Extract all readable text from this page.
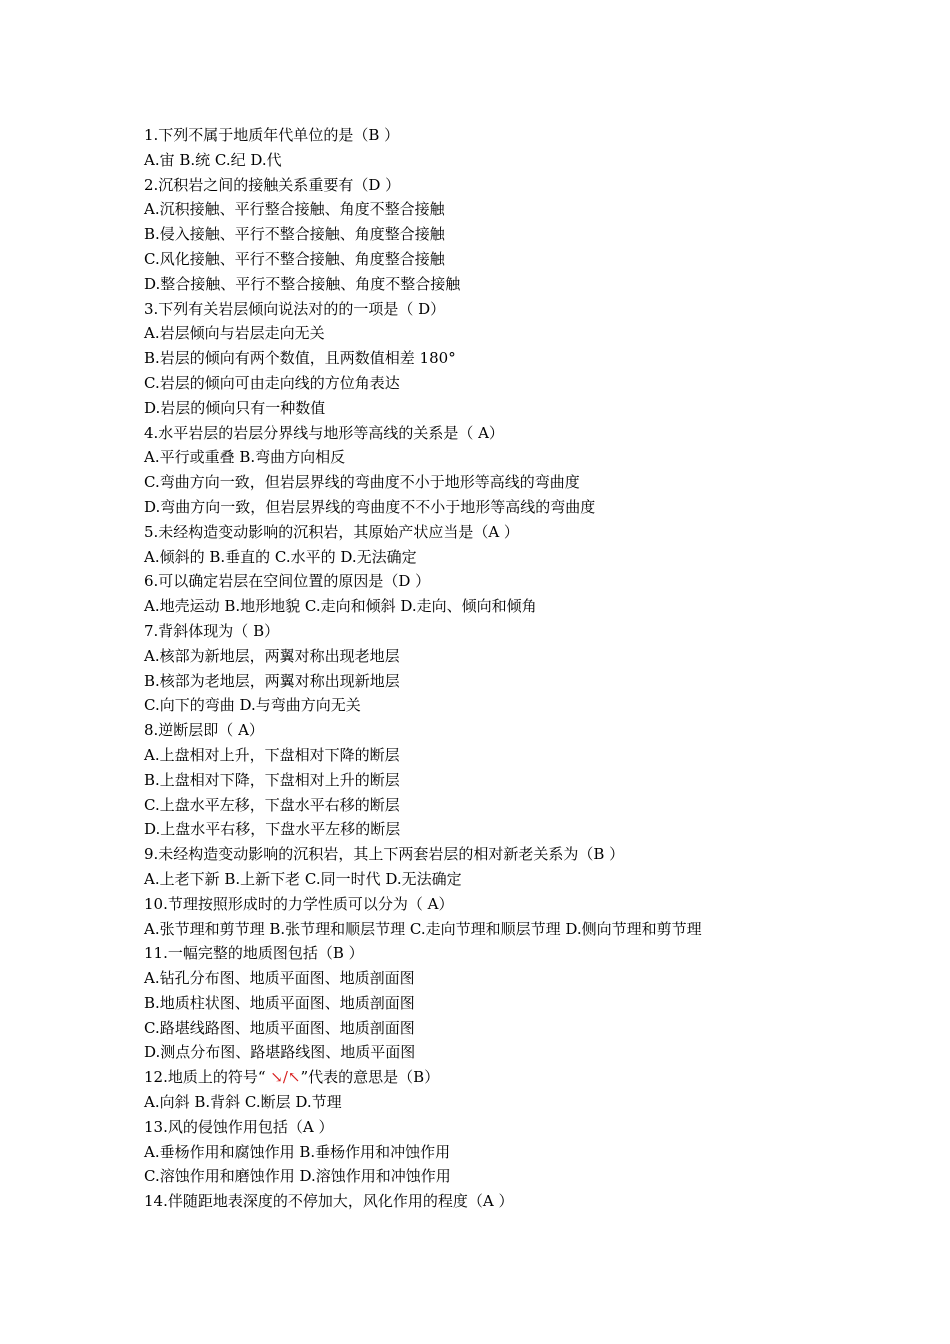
1.下列不属于地质年代单位的是（B ）
A.宙 B.统 C.纪 D.代
2.沉积岩之间的接触关系重要有（D ）
A.沉积接触、平行整合接触、角度不整合接触
B.侵入接触、平行不整合接触、角度整合接触
C.风化接触、平行不整合接触、角度整合接触
D.整合接触、平行不整合接触、角度不整合接触
3.下列有关岩层倾向说法对的的一项是（ D）
A.岩层倾向与岩层走向无关
B.岩层的倾向有两个数值，且两数值相差 180°
C.岩层的倾向可由走向线的方位角表达
D.岩层的倾向只有一种数值
4.水平岩层的岩层分界线与地形等高线的关系是（ A）
A.平行或重叠 B.弯曲方向相反
C.弯曲方向一致，但岩层界线的弯曲度不小于地形等高线的弯曲度
D.弯曲方向一致，但岩层界线的弯曲度不不小于地形等高线的弯曲度
5.未经构造变动影响的沉积岩，其原始产状应当是（A ）
A.倾斜的 B.垂直的 C.水平的 D.无法确定
6.可以确定岩层在空间位置的原因是（D ）
A.地壳运动 B.地形地貌 C.走向和倾斜 D.走向、倾向和倾角
7.背斜体现为（ B）
A.核部为新地层，两翼对称出现老地层
B.核部为老地层，两翼对称出现新地层
C.向下的弯曲 D.与弯曲方向无关
8.逆断层即（ A）
A.上盘相对上升，下盘相对下降的断层
B.上盘相对下降，下盘相对上升的断层
C.上盘水平左移，下盘水平右移的断层
D.上盘水平右移，下盘水平左移的断层
9.未经构造变动影响的沉积岩，其上下两套岩层的相对新老关系为（B ）
A.上老下新 B.上新下老 C.同一时代 D.无法确定
10.节理按照形成时的力学性质可以分为（ A）
A.张节理和剪节理 B.张节理和顺层节理 C.走向节理和顺层节理 D.侧向节理和剪节理
11.一幅完整的地质图包括（B ）
A.钻孔分布图、地质平面图、地质剖面图
B.地质柱状图、地质平面图、地质剖面图
C.路堪线路图、地质平面图、地质剖面图
D.测点分布图、路堪路线图、地质平面图
12.地质上的符号“ ↘/↖”代表的意思是（B）
A.向斜 B.背斜 C.断层 D.节理
13.风的侵蚀作用包括（A ）
A.垂杨作用和腐蚀作用 B.垂杨作用和冲蚀作用
C.溶蚀作用和磨蚀作用 D.溶蚀作用和冲蚀作用
14.伴随距地表深度的不停加大，风化作用的程度（A ）
